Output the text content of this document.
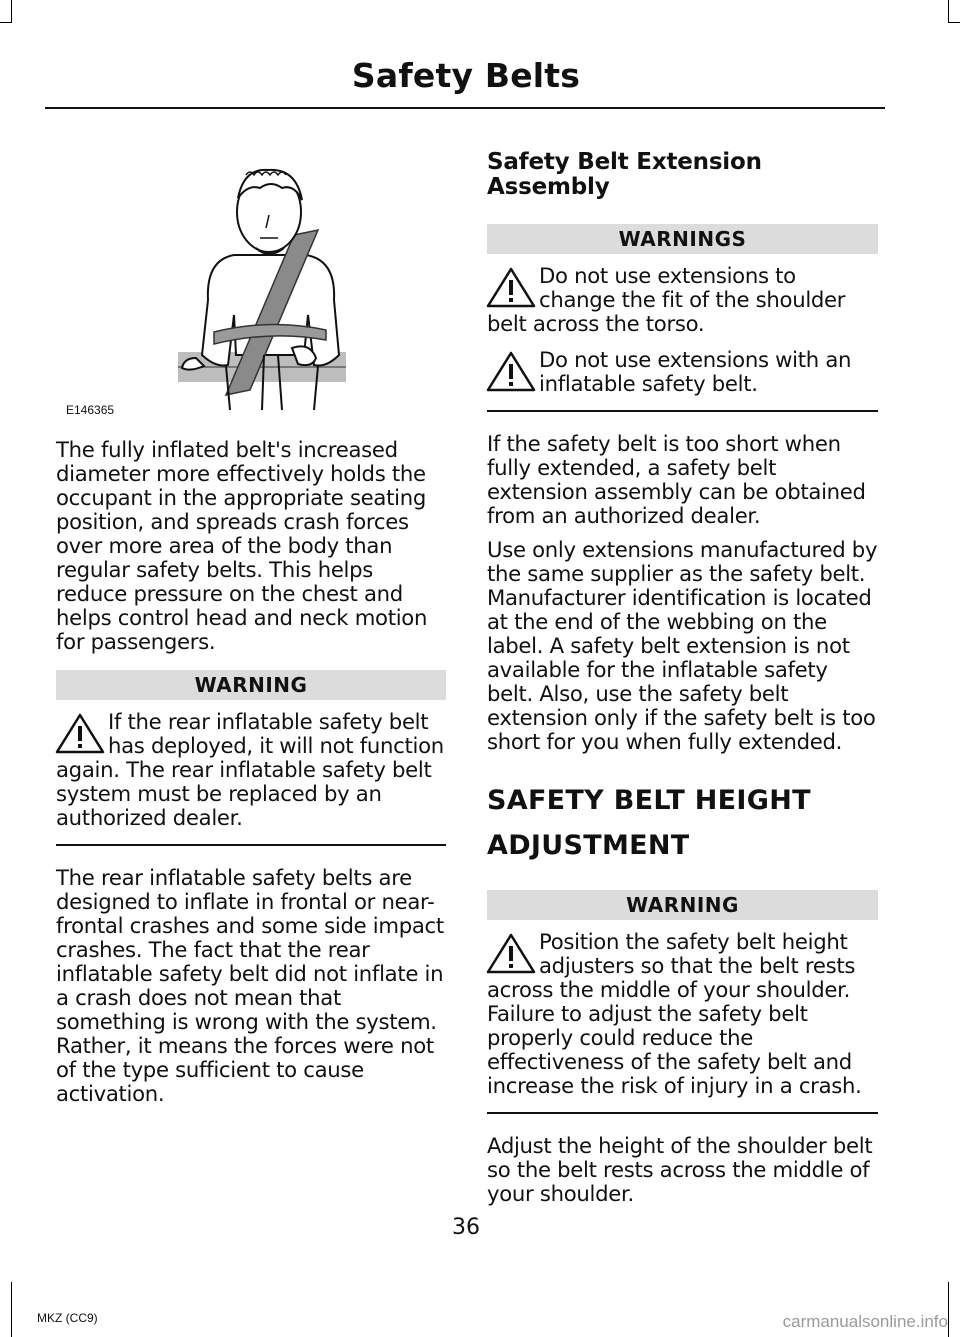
Safety Belts
E146365

The fully inflated belt's increased diameter more effectively holds the occupant in the appropriate seating position, and spreads crash forces over more area of the body than regular safety belts. This helps reduce pressure on the chest and helps control head and neck motion for passengers.

WARNING
If the rear inflatable safety belt has deployed, it will not function again. The rear inflatable safety belt system must be replaced by an authorized dealer.

The rear inflatable safety belts are designed to inflate in frontal or near-frontal crashes and some side impact crashes. The fact that the rear inflatable safety belt did not inflate in a crash does not mean that something is wrong with the system. Rather, it means the forces were not of the type sufficient to cause activation.

Safety Belt Extension Assembly
WARNINGS
Do not use extensions to change the fit of the shoulder belt across the torso.
Do not use extensions with an inflatable safety belt.

If the safety belt is too short when fully extended, a safety belt extension assembly can be obtained from an authorized dealer.

Use only extensions manufactured by the same supplier as the safety belt. Manufacturer identification is located at the end of the webbing on the label. A safety belt extension is not available for the inflatable safety belt. Also, use the safety belt extension only if the safety belt is too short for you when fully extended.

SAFETY BELT HEIGHT
ADJUSTMENT
WARNING
Position the safety belt height adjusters so that the belt rests across the middle of your shoulder. Failure to adjust the safety belt properly could reduce the effectiveness of the safety belt and increase the risk of injury in a crash.

Adjust the height of the shoulder belt so the belt rests across the middle of your shoulder.

36
MKZ (CC9)	carmanualsonline.info
